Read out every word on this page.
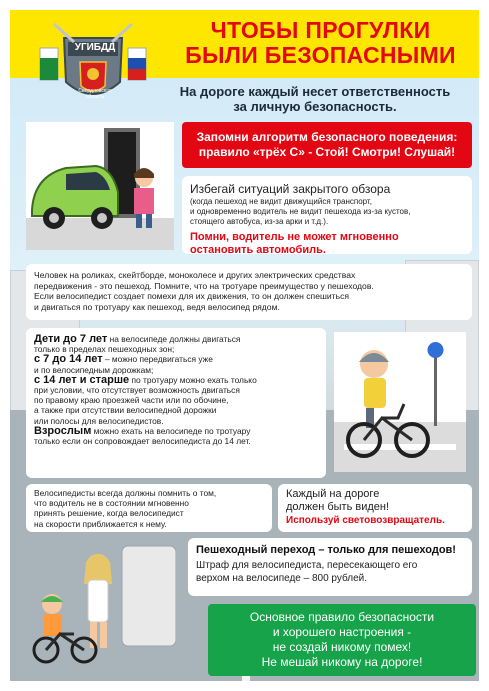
УГИБДД
Свердловская
область
ЧТОБЫ ПРОГУЛКИ
БЫЛИ БЕЗОПАСНЫМИ
На дороге каждый несет ответственность
за личную безопасность.
Запомни алгоритм безопасного поведения:
правило «трёх С» - Стой! Смотри! Слушай!
Избегай ситуаций закрытого обзора
(когда пешеход не видит движущийся транспорт,
и одновременно водитель не видит пешехода из-за кустов,
стоящего автобуса, из-за арки и т.д.).
Помни, водитель не может мгновенно
остановить автомобиль.
Человек на роликах, скейтборде, моноколесе и других электрических средствах
передвижения - это пешеход. Помните, что на тротуаре преимущество у пешеходов.
Если велосипедист создает помехи для их движения, то он должен спешиться
и двигаться по тротуару как пешеход, ведя велосипед рядом.
Дети до 7 лет на велосипеде должны двигаться
только в пределах пешеходных зон;
с 7 до 14 лет – можно передвигаться уже
и по велосипедным дорожкам;
с 14 лет и старше по тротуару можно ехать только
при условии, что отсутствует возможность двигаться
по правому краю проезжей части или по обочине,
а также при отсутствии велосипедной дорожки
или полосы для велосипедистов.
Взрослым можно ехать на велосипеде по тротуару
только если он сопровождает велосипедиста до 14 лет.
Велосипедисты всегда должны помнить о том,
что водитель не в состоянии мгновенно
принять решение, когда велосипедист
на скорости приближается к нему.
Каждый на дороге
должен быть виден!
Используй световозвращатель.
Пешеходный переход – только для пешеходов!
Штраф для велосипедиста, пересекающего его
верхом на велосипеде – 800 рублей.
Основное правило безопасности
и хорошего настроения -
не создай никому помех!
Не мешай никому на дороге!
